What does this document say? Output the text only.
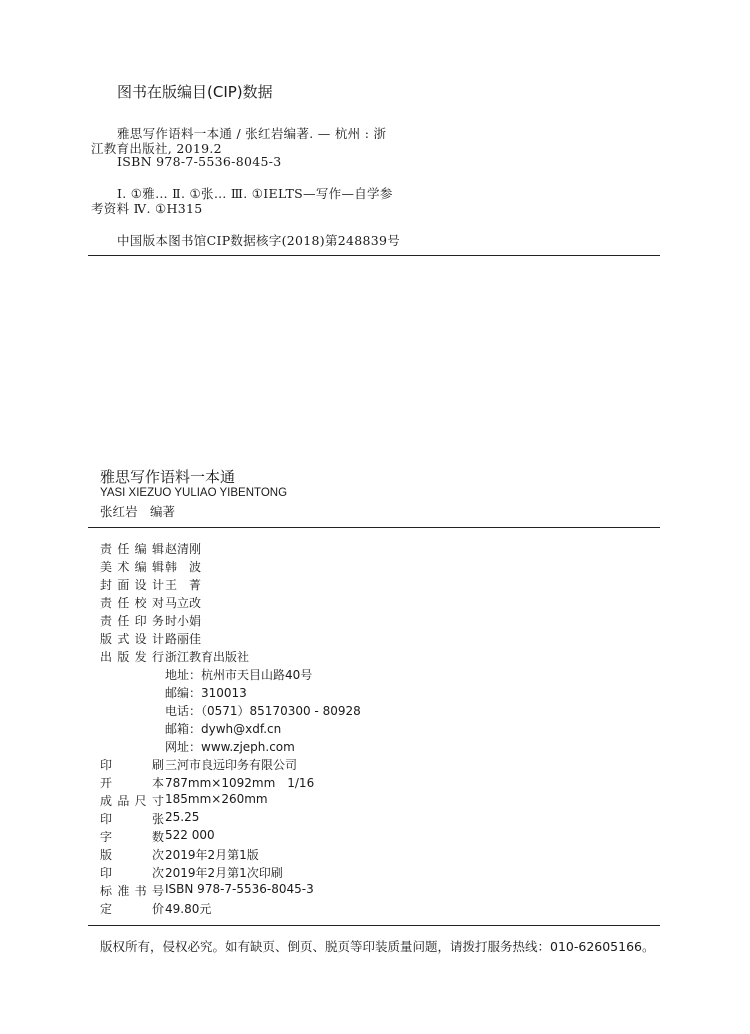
图书在版编目(CIP)数据
雅思写作语料一本通 / 张红岩编著. — 杭州 : 浙
江教育出版社, 2019.2
ISBN 978-7-5536-8045-3
Ⅰ. ①雅… Ⅱ. ①张… Ⅲ. ①IELTS—写作—自学参
考资料 Ⅳ. ①H315
中国版本图书馆CIP数据核字(2018)第248839号
雅思写作语料一本通
YASI XIEZUO YULIAO YIBENTONG
张红岩　编著
责任编辑 赵清刚
美术编辑 韩　波
封面设计 王　菁
责任校对 马立改
责任印务 时小娟
版式设计 路丽佳
出版发行 浙江教育出版社
地址：杭州市天目山路40号
邮编：310013
电话：（0571）85170300 - 80928
邮箱：dywh@xdf.cn
网址：www.zjeph.com
印刷 三河市良远印务有限公司
开本 787mm×1092mm　1/16
成品尺寸 185mm×260mm
印张 25.25
字数 522 000
版次 2019年2月第1版
印次 2019年2月第1次印刷
标准书号 ISBN 978-7-5536-8045-3
定价 49.80元
版权所有，侵权必究。如有缺页、倒页、脱页等印装质量问题，请拨打服务热线：010-62605166。
